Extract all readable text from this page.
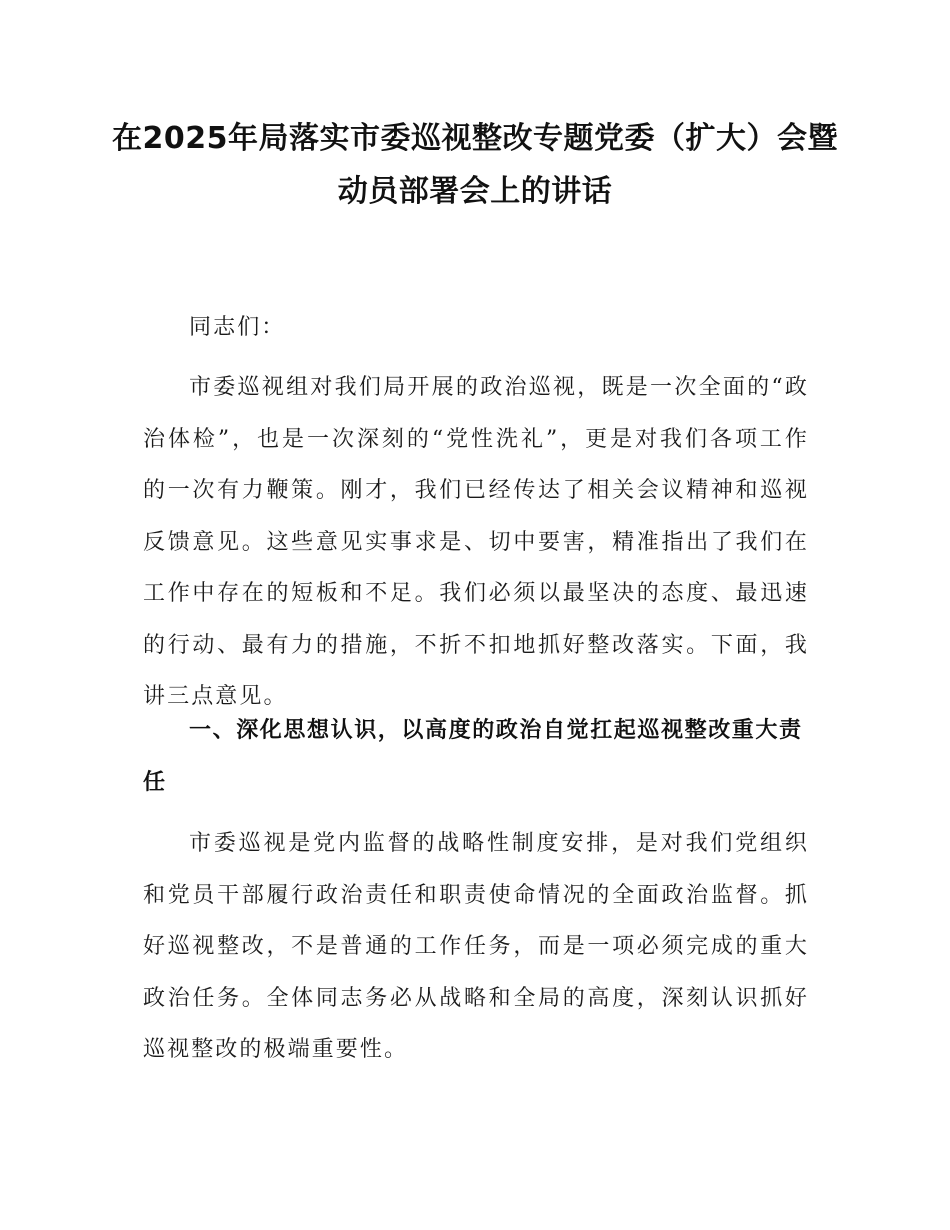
在2025年局落实市委巡视整改专题党委（扩大）会暨动员部署会上的讲话

同志们：

市委巡视组对我们局开展的政治巡视，既是一次全面的“政治体检”，也是一次深刻的“党性洗礼”，更是对我们各项工作的一次有力鞭策。刚才，我们已经传达了相关会议精神和巡视反馈意见。这些意见实事求是、切中要害，精准指出了我们在工作中存在的短板和不足。我们必须以最坚决的态度、最迅速的行动、最有力的措施，不折不扣地抓好整改落实。下面，我讲三点意见。

一、深化思想认识，以高度的政治自觉扛起巡视整改重大责任

市委巡视是党内监督的战略性制度安排，是对我们党组织和党员干部履行政治责任和职责使命情况的全面政治监督。抓好巡视整改，不是普通的工作任务，而是一项必须完成的重大政治任务。全体同志务必从战略和全局的高度，深刻认识抓好巡视整改的极端重要性。
